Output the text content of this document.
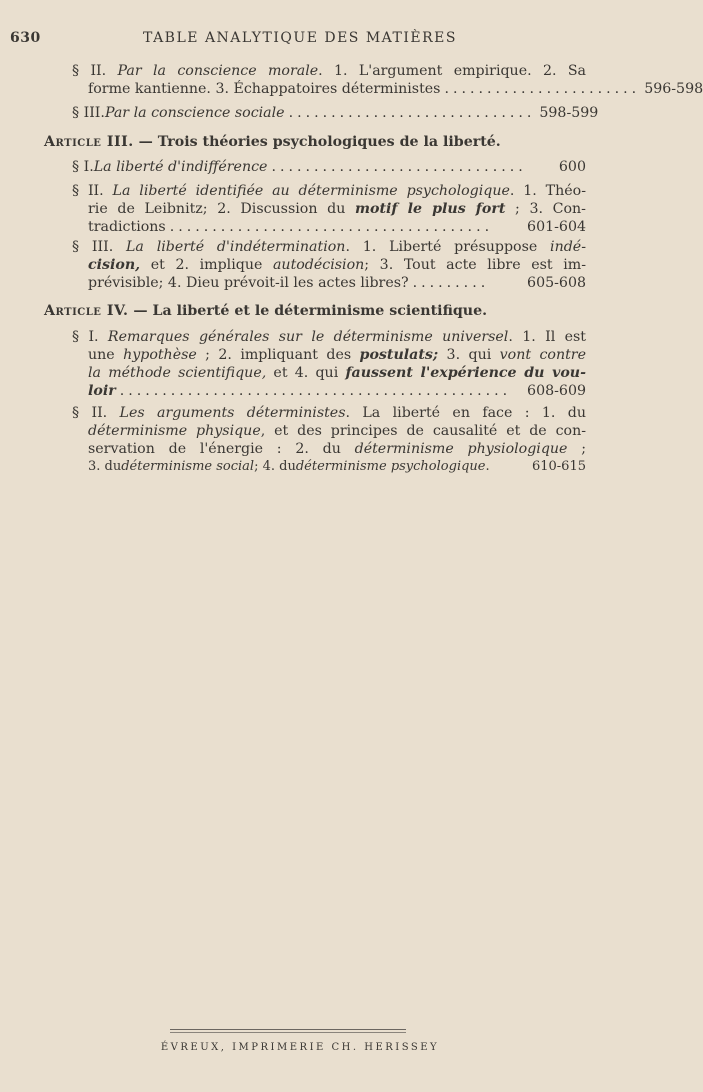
630	TABLE ANALYTIQUE DES MATIÈRES
§ II. Par la conscience morale. 1. L'argument empirique. 2. Sa
forme kantienne. 3. Échappatoires déterministes ....................... 596-598
§ III. Par la conscience sociale ............................. 598-599
Article III. — Trois théories psychologiques de la liberté.
§ I. La liberté d'indifférence ..............................	600
§ II. La liberté identifiée au déterminisme psychologique. 1. Théo-
rie de Leibnitz; 2. Discussion du motif le plus fort ; 3. Con-
tradictions ......................................	601-604
§ III. La liberté d'indétermination. 1. Liberté présuppose indé-
cision, et 2. implique autodécision; 3. Tout acte libre est im-
prévisible; 4. Dieu prévoit-il les actes libres? .........	605-608
Article IV. — La liberté et le déterminisme scientifique.
§ I. Remarques générales sur le déterminisme universel. 1. Il est
une hypothèse ; 2. impliquant des postulats; 3. qui vont contre
la méthode scientifique, et 4. qui faussent l'expérience du vou-
loir ..............................................	608-609
§ II. Les arguments déterministes. La liberté en face : 1. du
déterminisme physique, et des principes de causalité et de con-
servation de l'énergie : 2. du déterminisme physiologique ;
3. du déterminisme social ; 4. du déterminisme psychologique .	610-615
ÉVREUX, IMPRIMERIE CH. HERISSEY
